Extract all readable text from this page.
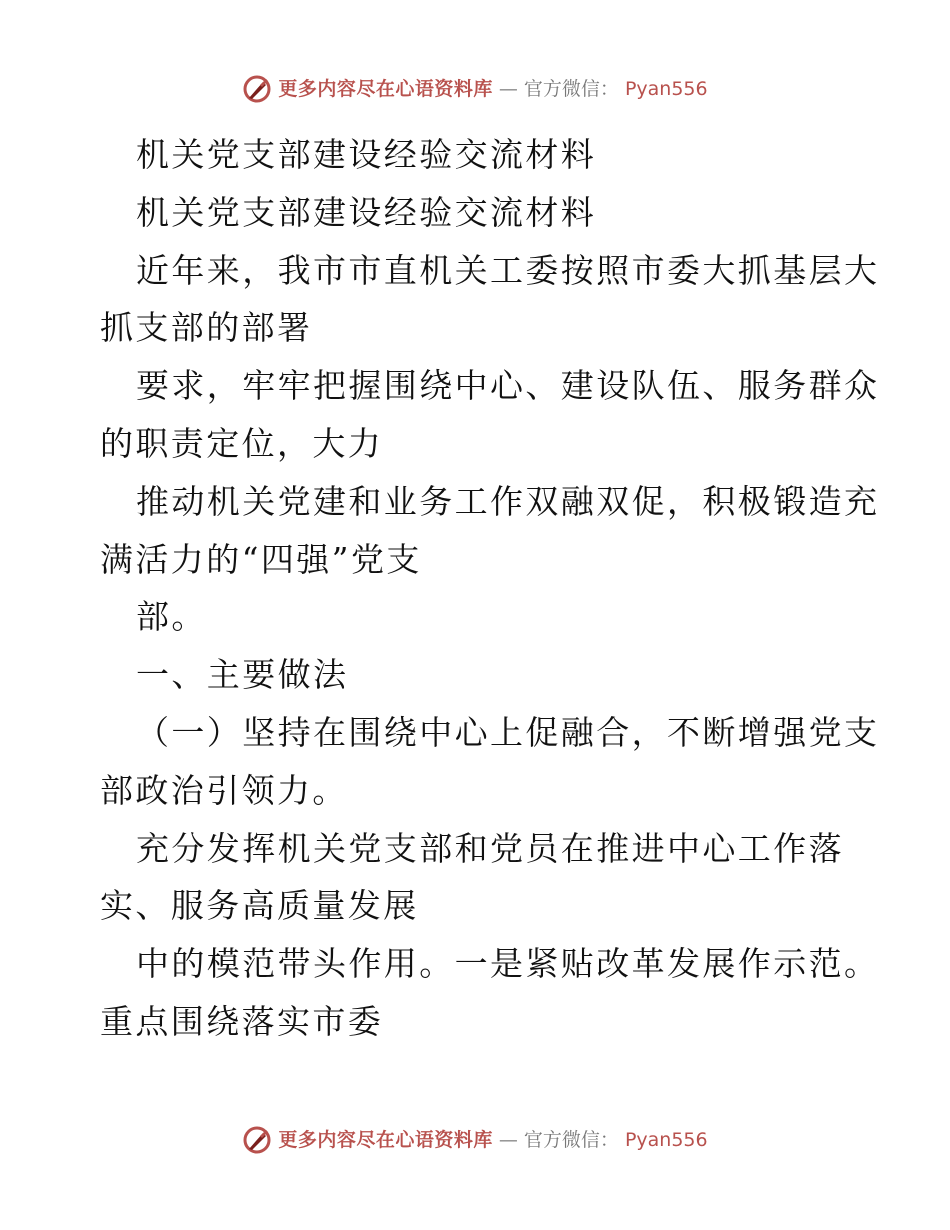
更多内容尽在心语资料库 — 官方微信： Pyan556

机关党支部建设经验交流材料

机关党支部建设经验交流材料

近年来，我市市直机关工委按照市委大抓基层大

抓支部的部署

要求，牢牢把握围绕中心、建设队伍、服务群众

的职责定位，大力

推动机关党建和业务工作双融双促，积极锻造充

满活力的“四强”党支

部。

一、主要做法

（一）坚持在围绕中心上促融合，不断增强党支

部政治引领力。

充分发挥机关党支部和党员在推进中心工作落

实、服务高质量发展

中的模范带头作用。一是紧贴改革发展作示范。

重点围绕落实市委

更多内容尽在心语资料库 — 官方微信： Pyan556
